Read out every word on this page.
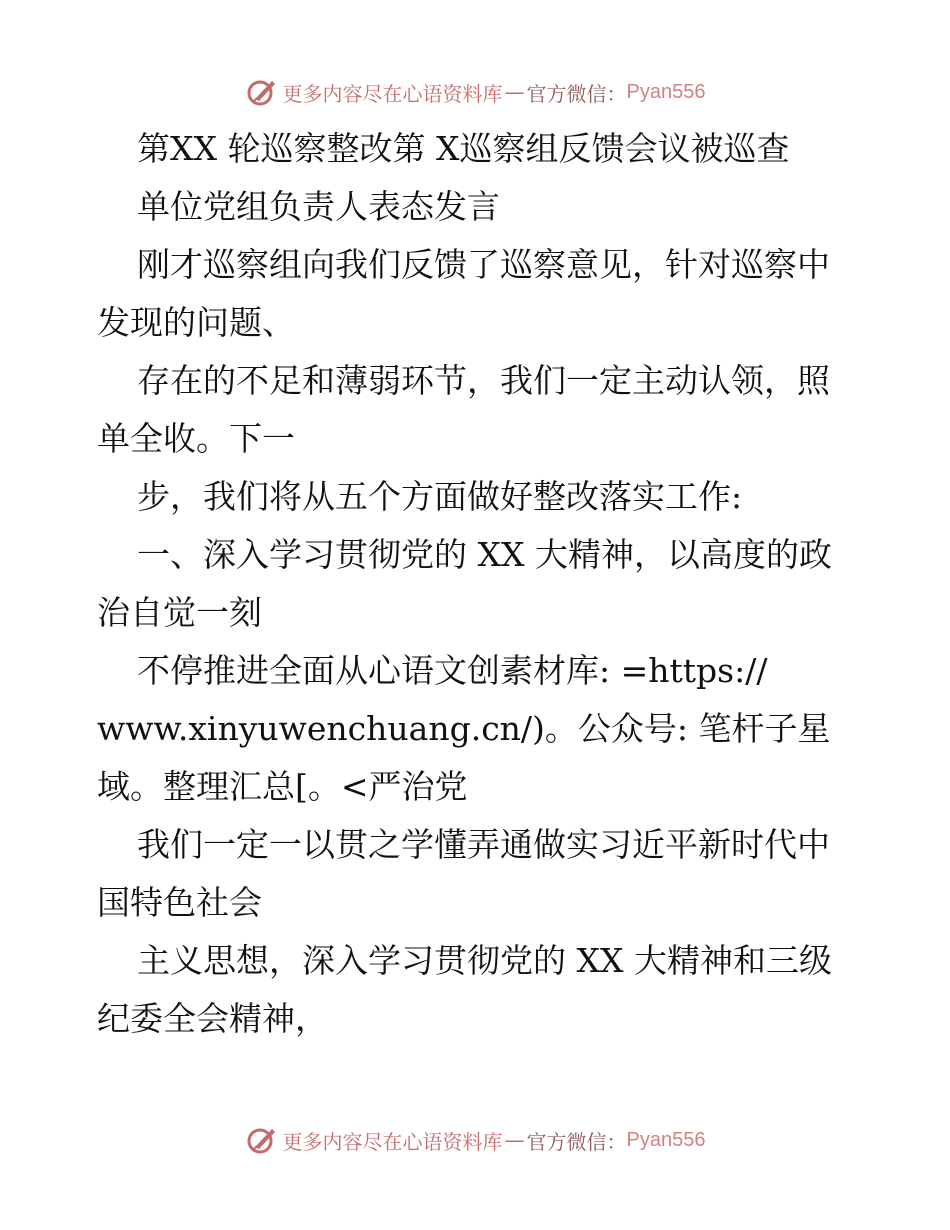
更多内容尽在心语资料库 — 官方微信： Pyan556
第XX 轮巡察整改第 X巡察组反馈会议被巡查
单位党组负责人表态发言
刚才巡察组向我们反馈了巡察意见，针对巡察中
发现的问题、
存在的不足和薄弱环节，我们一定主动认领，照
单全收。下一
步，我们将从五个方面做好整改落实工作:
一、深入学习贯彻党的 XX 大精神，以高度的政
治自觉一刻
不停推进全面从心语文创素材库: =https://
www.xinyuwenchuang.cn/)。公众号: 笔杆子星
域。整理汇总[。<严治党
我们一定一以贯之学懂弄通做实习近平新时代中
国特色社会
主义思想，深入学习贯彻党的 XX 大精神和三级
纪委全会精神，
更多内容尽在心语资料库 — 官方微信： Pyan556
